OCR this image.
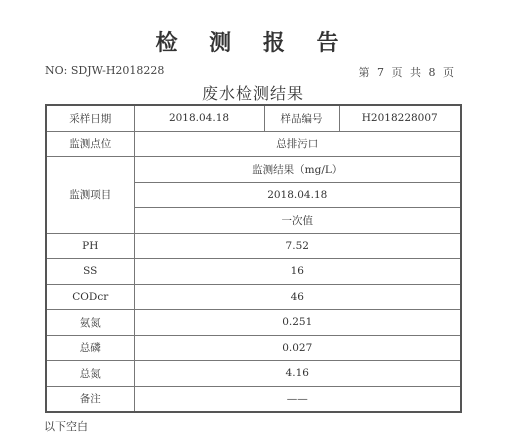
检 测 报 告
NO: SDJW-H2018228	第 7 页 共 8 页
废水检测结果
采样日期	2018.04.18	样品编号	H2018228007
监测点位	总排污口		
监测项目	监测结果（mg/L）		
	2018.04.18		
	一次值		
PH	7.52		
SS	16		
CODcr	46		
氨氮	0.251		
总磷	0.027		
总氮	4.16		
备注	——		
以下空白
